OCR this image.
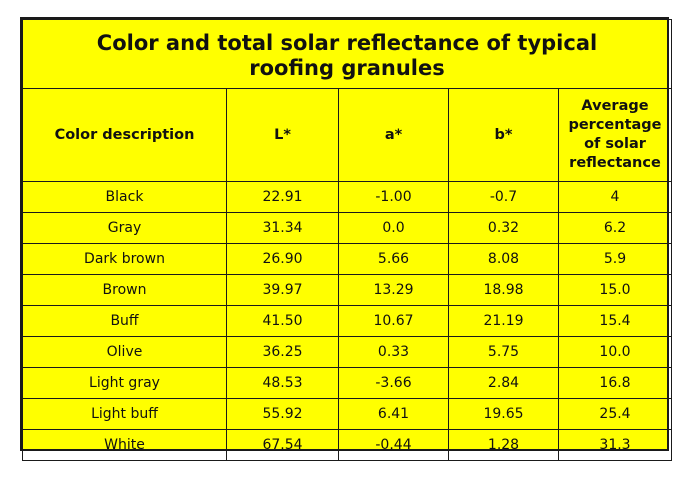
Color and total solar reflectance of typical
roofing granules				

Color description	L*	a*	b*	Average
percentage
of solar
reflectance

Black	22.91	-1.00	-0.7	4
Gray	31.34	0.0	0.32	6.2
Dark brown	26.90	5.66	8.08	5.9
Brown	39.97	13.29	18.98	15.0
Buff	41.50	10.67	21.19	15.4
Olive	36.25	0.33	5.75	10.0
Light gray	48.53	-3.66	2.84	16.8
Light buff	55.92	6.41	19.65	25.4
White	67.54	-0.44	1.28	31.3
